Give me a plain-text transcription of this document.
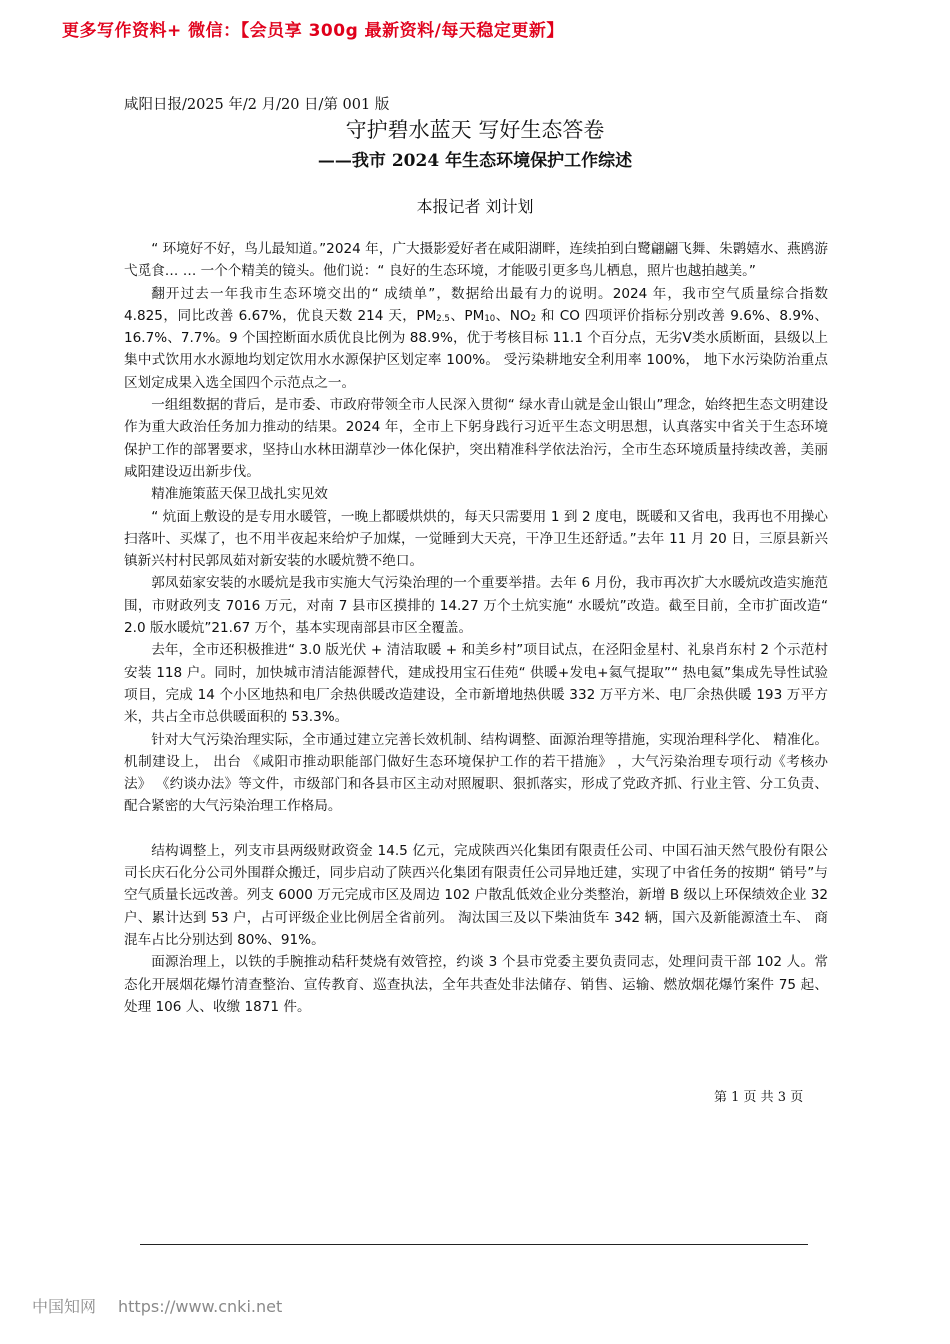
更多写作资料+ 微信：【会员享 300g 最新资料/每天稳定更新】
咸阳日报/2025 年/2 月/20 日/第 001 版
守护碧水蓝天 写好生态答卷
——我市 2024 年生态环境保护工作综述
本报记者 刘计划

“ 环境好不好，鸟儿最知道。”2024 年，广大摄影爱好者在咸阳湖畔，连续拍到白鹭翩翩飞舞、朱鹮嬉水、燕鸥游弋觅食… … 一个个精美的镜头。他们说：“ 良好的生态环境，才能吸引更多鸟儿栖息，照片也越拍越美。”

翻开过去一年我市生态环境交出的“ 成绩单”，数据给出最有力的说明。2024 年，我市空气质量综合指数 4.825，同比改善 6.67%，优良天数 214 天，$PM_{2.5}$、$PM_{10}$、$NO_2$ 和 CO 四项评价指标分别改善 9.6%、8.9%、16.7%、7.7%。9 个国控断面水质优良比例为 88.9%，优于考核目标 11.1 个百分点，无劣V类水质断面，县级以上集中式饮用水水源地均划定饮用水水源保护区划定率 100%。 受污染耕地安全利用率 100%， 地下水污染防治重点区划定成果入选全国四个示范点之一。

一组组数据的背后，是市委、市政府带领全市人民深入贯彻“ 绿水青山就是金山银山”理念，始终把生态文明建设作为重大政治任务加力推动的结果。2024 年，全市上下躬身践行习近平生态文明思想，认真落实中省关于生态环境保护工作的部署要求，坚持山水林田湖草沙一体化保护，突出精准科学依法治污，全市生态环境质量持续改善，美丽咸阳建设迈出新步伐。

精准施策蓝天保卫战扎实见效

“ 炕面上敷设的是专用水暖管，一晚上都暖烘烘的，每天只需要用 1 到 2 度电，既暖和又省电，我再也不用操心扫落叶、买煤了，也不用半夜起来给炉子加煤，一觉睡到大天亮，干净卫生还舒适。”去年 11 月 20 日，三原县新兴镇新兴村村民郭凤茹对新安装的水暖炕赞不绝口。

郭凤茹家安装的水暖炕是我市实施大气污染治理的一个重要举措。去年 6 月份，我市再次扩大水暖炕改造实施范围，市财政列支 7016 万元，对南 7 县市区摸排的 14.27 万个土炕实施“ 水暖炕”改造。截至目前，全市扩面改造“ 2.0 版水暖炕”21.67 万个，基本实现南部县市区全覆盖。

去年，全市还积极推进“ 3.0 版光伏 + 清洁取暖 + 和美乡村”项目试点，在泾阳金星村、礼泉肖东村 2 个示范村安装 118 户。同时，加快城市清洁能源替代，建成投用宝石佳苑“ 供暖+发电+氦气提取”“ 热电氦”集成先导性试验项目，完成 14 个小区地热和电厂余热供暖改造建设，全市新增地热供暖 332 万平方米、电厂余热供暖 193 万平方米，共占全市总供暖面积的 53.3%。

针对大气污染治理实际，全市通过建立完善长效机制、结构调整、面源治理等措施，实现治理科学化、 精准化。 机制建设上， 出台 《咸阳市推动职能部门做好生态环境保护工作的若干措施》 ，大气污染治理专项行动《考核办法》 《约谈办法》等文件，市级部门和各县市区主动对照履职、狠抓落实，形成了党政齐抓、行业主管、分工负责、配合紧密的大气污染治理工作格局。

结构调整上，列支市县两级财政资金 14.5 亿元，完成陕西兴化集团有限责任公司、中国石油天然气股份有限公司长庆石化分公司外围群众搬迁，同步启动了陕西兴化集团有限责任公司异地迁建，实现了中省任务的按期“ 销号”与空气质量长远改善。列支 6000 万元完成市区及周边 102 户散乱低效企业分类整治，新增 B 级以上环保绩效企业 32 户、累计达到 53 户，占可评级企业比例居全省前列。 淘汰国三及以下柴油货车 342 辆，国六及新能源渣土车、 商混车占比分别达到 80%、91%。

面源治理上，以铁的手腕推动秸秆焚烧有效管控，约谈 3 个县市党委主要负责同志，处理问责干部 102 人。常态化开展烟花爆竹清查整治、宣传教育、巡查执法，全年共查处非法储存、销售、运输、燃放烟花爆竹案件 75 起、处理 106 人、收缴 1871 件。

第 1 页 共 3 页
中国知网 https://www.cnki.net
